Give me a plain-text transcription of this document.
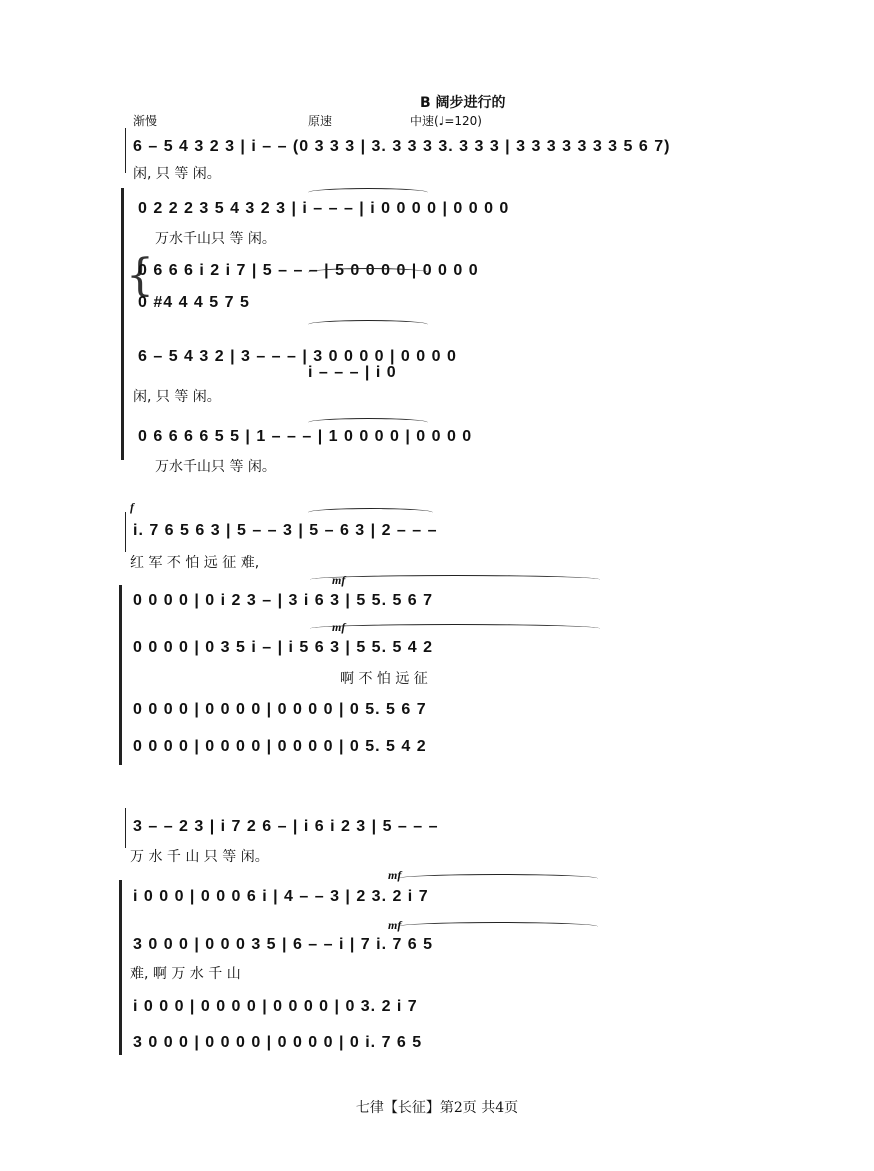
B 阔步进行的
渐慢	原速	中速(♩=120)
6 – 5 4 3 2 3 | i – – (0 3 3 3 | 3. 3 3 3 3. 3 3 3 | 3 3 3 3 3 3 3 5 6 7)
闲, 只 等 闲。
0 2 2 2 3 5 4 3 2 3 | i – – – | i 0 0 0 0 | 0 0 0 0
万水千山只 等 闲。
{
0 6 6 6 i 2 i 7 | 5 – – – | 5 0 0 0 0 | 0 0 0 0
0 #4 4 4 5 7 5
6 – 5 4 3 2 | 3 – – – | 3 0 0 0 0 | 0 0 0 0
i – – – | i 0
闲, 只 等 闲。
0 6 6 6 6 5 5 | 1 – – – | 1 0 0 0 0 | 0 0 0 0
万水千山只 等 闲。
f
i. 7 6 5 6 3 | 5 – – 3 | 5 – 6 3 | 2 – – –
红 军 不 怕 远 征 难,
mf
0 0 0 0 | 0 i 2 3 – | 3 i 6 3 | 5 5. 5 6 7
mf
0 0 0 0 | 0 3 5 i – | i 5 6 3 | 5 5. 5 4 2
啊 不 怕 远 征
0 0 0 0 | 0 0 0 0 | 0 0 0 0 | 0 5. 5 6 7
0 0 0 0 | 0 0 0 0 | 0 0 0 0 | 0 5. 5 4 2
3 – – 2 3 | i 7 2 6 – | i 6 i 2 3 | 5 – – –
万 水 千 山 只 等 闲。
mf
i 0 0 0 | 0 0 0 6 i | 4 – – 3 | 2 3. 2 i 7
mf
3 0 0 0 | 0 0 0 3 5 | 6 – – i | 7 i. 7 6 5
难, 啊 万 水 千 山
i 0 0 0 | 0 0 0 0 | 0 0 0 0 | 0 3. 2 i 7
3 0 0 0 | 0 0 0 0 | 0 0 0 0 | 0 i. 7 6 5
七律【长征】第2页 共4页
